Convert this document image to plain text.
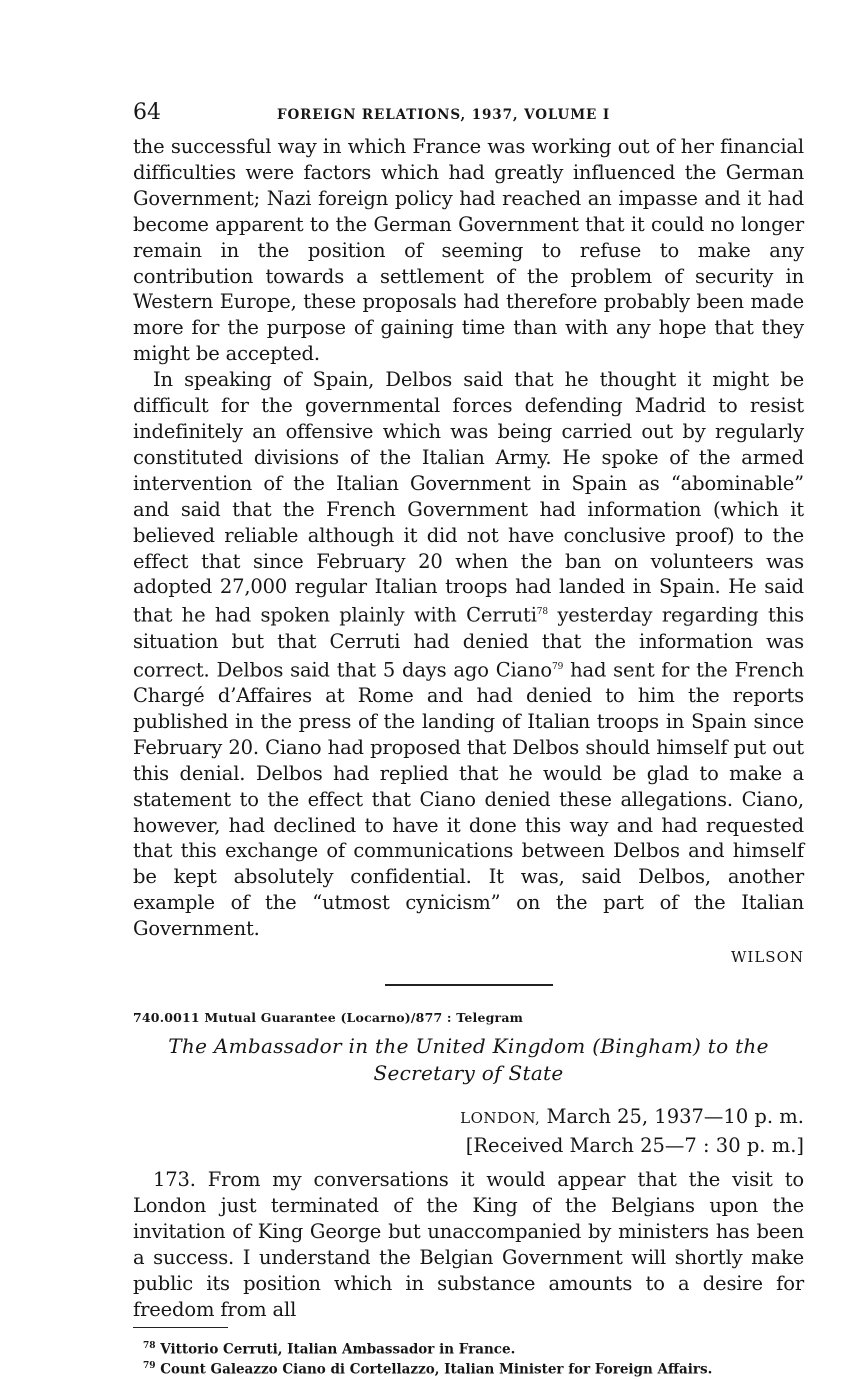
64	FOREIGN RELATIONS, 1937, VOLUME I

the successful way in which France was working out of her financial difficulties were factors which had greatly influenced the German Government; Nazi foreign policy had reached an impasse and it had become apparent to the German Government that it could no longer remain in the position of seeming to refuse to make any contribution towards a settlement of the problem of security in Western Europe, these proposals had therefore probably been made more for the purpose of gaining time than with any hope that they might be accepted.

In speaking of Spain, Delbos said that he thought it might be difficult for the governmental forces defending Madrid to resist indefinitely an offensive which was being carried out by regularly constituted divisions of the Italian Army. He spoke of the armed intervention of the Italian Government in Spain as “abominable” and said that the French Government had information (which it believed reliable although it did not have conclusive proof) to the effect that since February 20 when the ban on volunteers was adopted 27,000 regular Italian troops had landed in Spain. He said that he had spoken plainly with Cerruti$^{78}$ yesterday regarding this situation but that Cerruti had denied that the information was correct. Delbos said that 5 days ago Ciano$^{79}$ had sent for the French Chargé d’Affaires at Rome and had denied to him the reports published in the press of the landing of Italian troops in Spain since February 20. Ciano had proposed that Delbos should himself put out this denial. Delbos had replied that he would be glad to make a statement to the effect that Ciano denied these allegations. Ciano, however, had declined to have it done this way and had requested that this exchange of communications between Delbos and himself be kept absolutely confidential. It was, said Delbos, another example of the “utmost cynicism” on the part of the Italian Government.

WILSON
740.0011 Mutual Guarantee (Locarno)/877 : Telegram
The Ambassador in the United Kingdom (Bingham) to the Secretary of State
LONDON, March 25, 1937—10 p. m.
[Received March 25—7 : 30 p. m.]

173. From my conversations it would appear that the visit to London just terminated of the King of the Belgians upon the invitation of King George but unaccompanied by ministers has been a success. I understand the Belgian Government will shortly make public its position which in substance amounts to a desire for freedom from all

$^{78}$ Vittorio Cerruti, Italian Ambassador in France.
$^{79}$ Count Galeazzo Ciano di Cortellazzo, Italian Minister for Foreign Affairs.
